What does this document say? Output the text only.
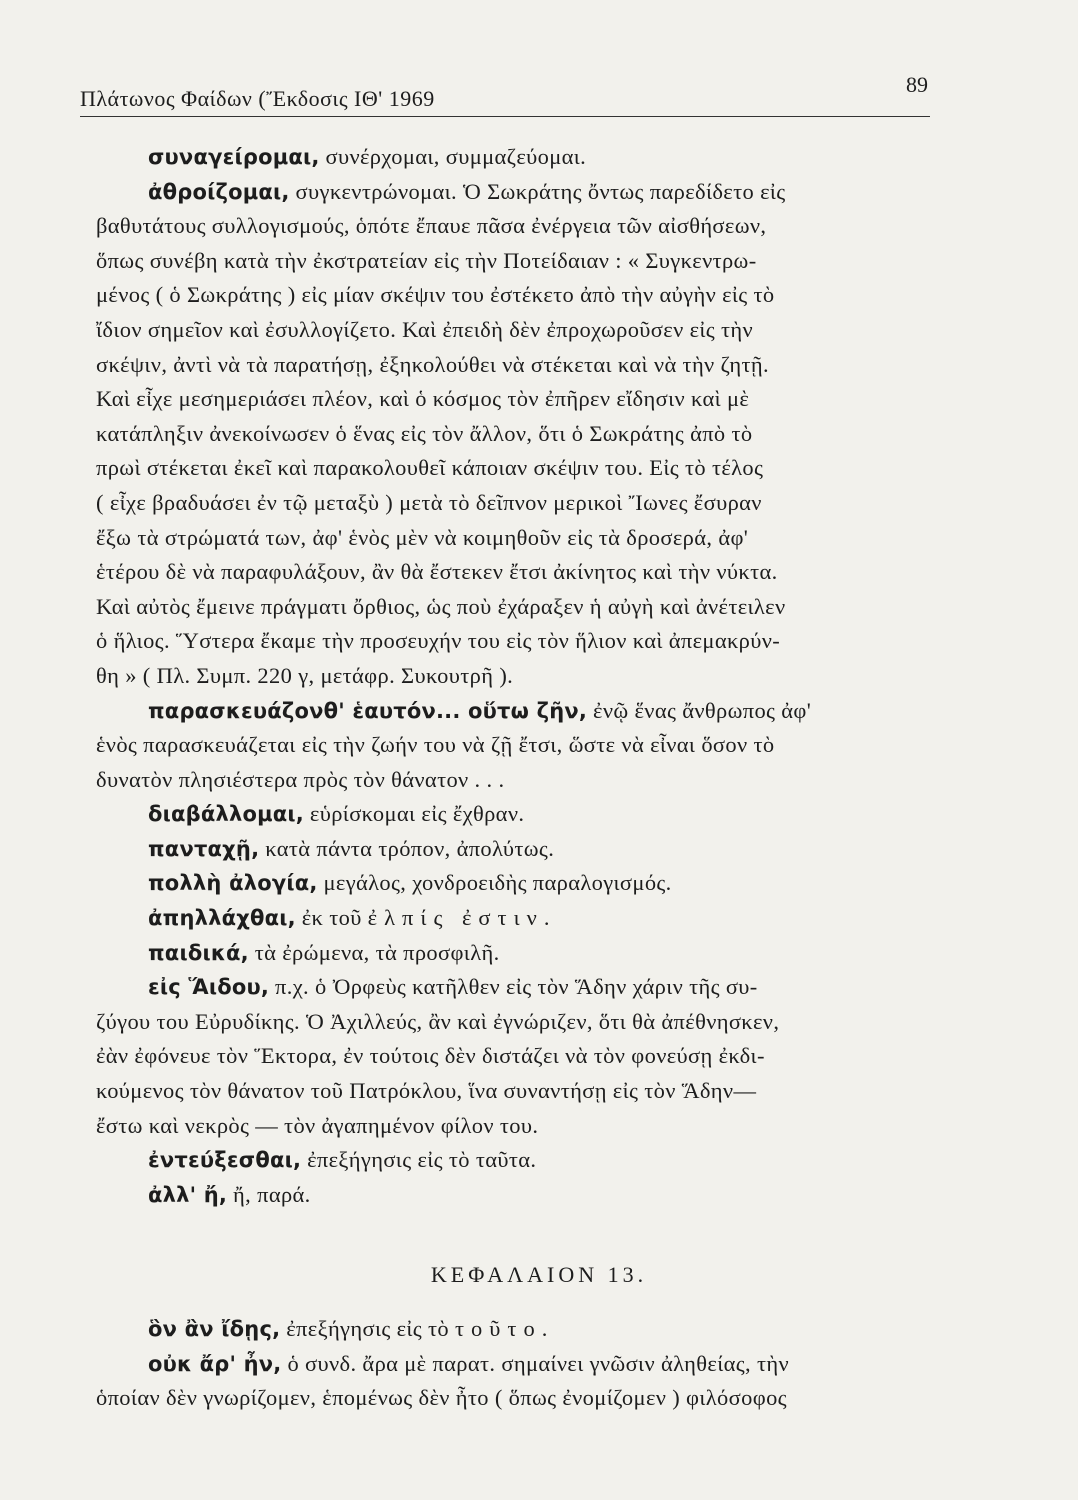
Πλάτωνος Φαίδων (Ἔκδοσις ΙΘ' 1969
89
συναγείρομαι, συνέρχομαι, συμμαζεύομαι.
ἀθροίζομαι, συγκεντρώνομαι. Ὁ Σωκράτης ὄντως παρεδίδετο εἰς
βαθυτάτους συλλογισμούς, ὁπότε ἔπαυε πᾶσα ἐνέργεια τῶν αἰσθήσεων,
ὅπως συνέβη κατὰ τὴν ἐκστρατείαν εἰς τὴν Ποτείδαιαν : « Συγκεντρω-
μένος ( ὁ Σωκράτης ) εἰς μίαν σκέψιν του ἐστέκετο ἀπὸ τὴν αὐγὴν εἰς τὸ
ἴδιον σημεῖον καὶ ἐσυλλογίζετο. Καὶ ἐπειδὴ δὲν ἐπροχωροῦσεν εἰς τὴν
σκέψιν, ἀντὶ νὰ τὰ παρατήσῃ, ἐξηκολούθει νὰ στέκεται καὶ νὰ τὴν ζητῇ.
Καὶ εἶχε μεσημεριάσει πλέον, καὶ ὁ κόσμος τὸν ἐπῆρεν εἴδησιν καὶ μὲ
κατάπληξιν ἀνεκοίνωσεν ὁ ἕνας εἰς τὸν ἄλλον, ὅτι ὁ Σωκράτης ἀπὸ τὸ
πρωὶ στέκεται ἐκεῖ καὶ παρακολουθεῖ κάποιαν σκέψιν του. Εἰς τὸ τέλος
( εἶχε βραδυάσει ἐν τῷ μεταξὺ ) μετὰ τὸ δεῖπνον μερικοὶ Ἴωνες ἔσυραν
ἔξω τὰ στρώματά των, ἀφ' ἑνὸς μὲν νὰ κοιμηθοῦν εἰς τὰ δροσερά, ἀφ'
ἑτέρου δὲ νὰ παραφυλάξουν, ἂν θὰ ἔστεκεν ἔτσι ἀκίνητος καὶ τὴν νύκτα.
Καὶ αὐτὸς ἔμεινε πράγματι ὄρθιος, ὡς ποὺ ἐχάραξεν ἡ αὐγὴ καὶ ἀνέτειλεν
ὁ ἥλιος. Ὕστερα ἔκαμε τὴν προσευχήν του εἰς τὸν ἥλιον καὶ ἀπεμακρύν-
θη » ( Πλ. Συμπ. 220 γ, μετάφρ. Συκουτρῆ ).
παρασκευάζονθ' ἑαυτόν... οὕτω ζῆν, ἐνῷ ἕνας ἄνθρωπος ἀφ'
ἑνὸς παρασκευάζεται εἰς τὴν ζωήν του νὰ ζῇ ἔτσι, ὥστε νὰ εἶναι ὅσον τὸ
δυνατὸν πλησιέστερα πρὸς τὸν θάνατον . . .
διαβάλλομαι, εὑρίσκομαι εἰς ἔχθραν.
πανταχῇ, κατὰ πάντα τρόπον, ἀπολύτως.
πολλὴ ἀλογία, μεγάλος, χονδροειδὴς παραλογισμός.
ἀπηλλάχθαι, ἐκ τοῦ ἐλπίς ἐστιν.
παιδικά, τὰ ἐρώμενα, τὰ προσφιλῆ.
εἰς Ἅιδου, π.χ. ὁ Ὀρφεὺς κατῆλθεν εἰς τὸν Ἅδην χάριν τῆς συ-
ζύγου του Εὐρυδίκης. Ὁ Ἀχιλλεύς, ἂν καὶ ἐγνώριζεν, ὅτι θὰ ἀπέθνησκεν,
ἐὰν ἐφόνευε τὸν Ἕκτορα, ἐν τούτοις δὲν διστάζει νὰ τὸν φονεύσῃ ἐκδι-
κούμενος τὸν θάνατον τοῦ Πατρόκλου, ἵνα συναντήσῃ εἰς τὸν Ἅδην—
ἔστω καὶ νεκρὸς — τὸν ἀγαπημένον φίλον του.
ἐντεύξεσθαι, ἐπεξήγησις εἰς τὸ ταῦτα.
ἀλλ' ἤ, ἤ, παρά.
ΚΕΦΑΛΑΙΟΝ 13.
ὃν ἂν ἴδῃς, ἐπεξήγησις εἰς τὸ τοῦτο.
οὐκ ἄρ' ἦν, ὁ συνδ. ἄρα μὲ παρατ. σημαίνει γνῶσιν ἀληθείας, τὴν
ὁποίαν δὲν γνωρίζομεν, ἑπομένως δὲν ἦτο ( ὅπως ἐνομίζομεν ) φιλόσοφος
